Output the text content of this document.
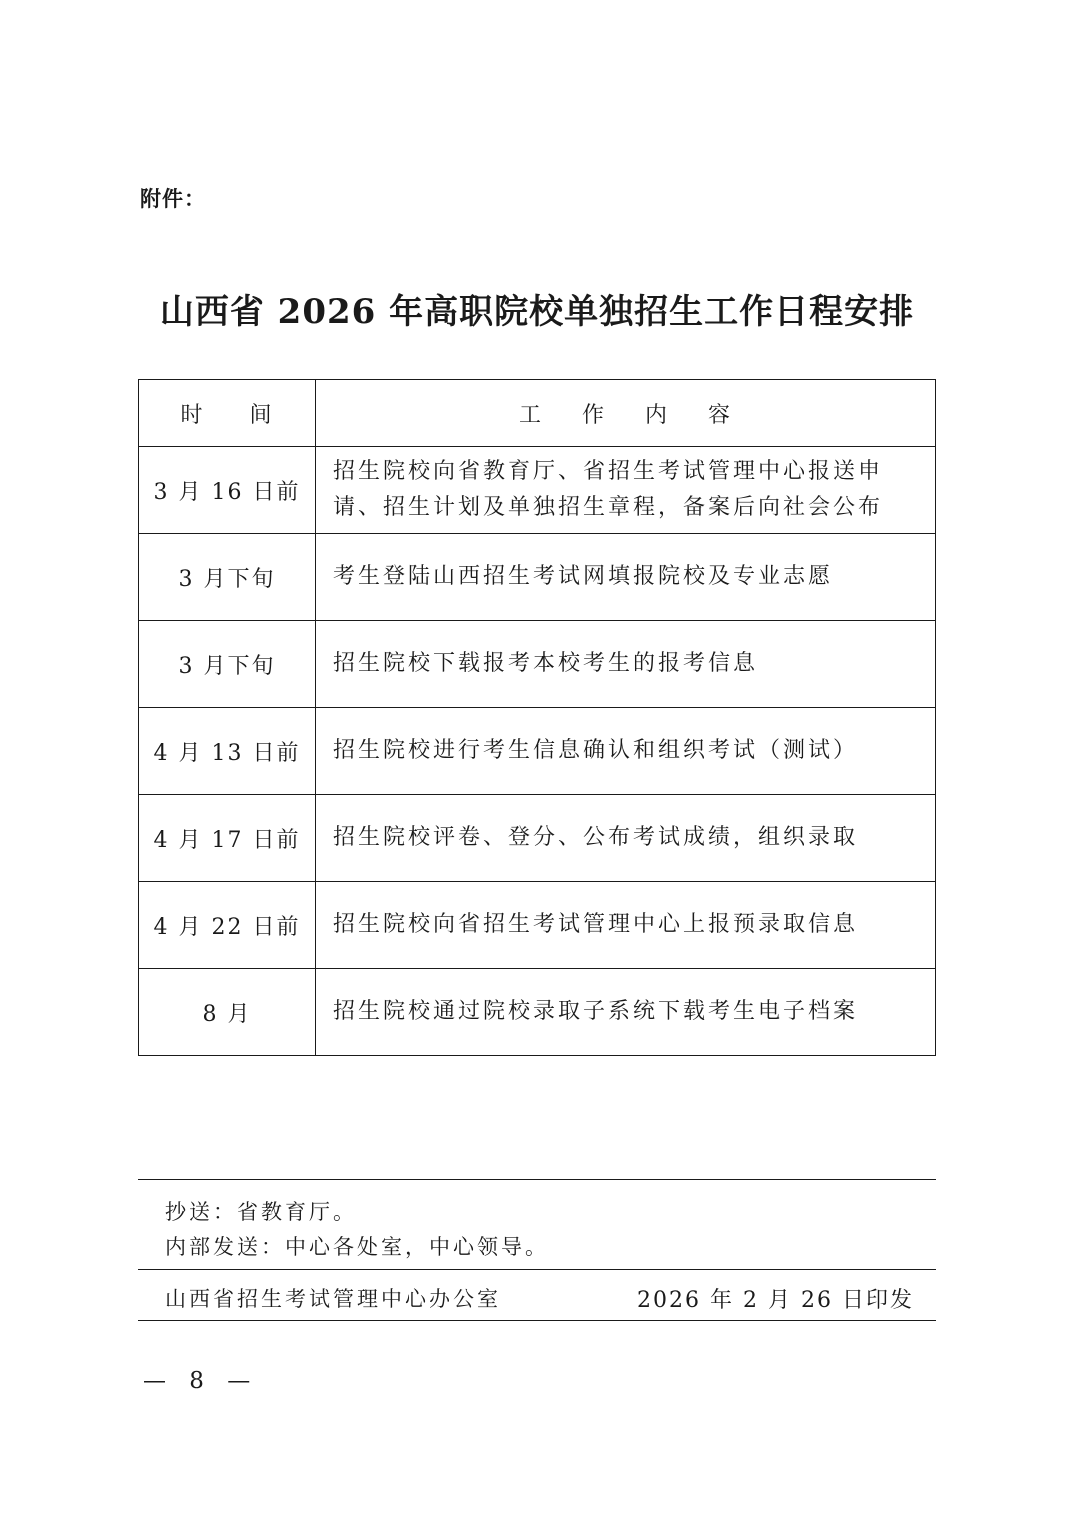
附件：
山西省 2026 年高职院校单独招生工作日程安排
时 间	工 作 内 容
3 月 16 日前	招生院校向省教育厅、省招生考试管理中心报送申请、招生计划及单独招生章程，备案后向社会公布
3 月下旬	考生登陆山西招生考试网填报院校及专业志愿
3 月下旬	招生院校下载报考本校考生的报考信息
4 月 13 日前	招生院校进行考生信息确认和组织考试（测试）
4 月 17 日前	招生院校评卷、登分、公布考试成绩，组织录取
4 月 22 日前	招生院校向省招生考试管理中心上报预录取信息
8 月	招生院校通过院校录取子系统下载考生电子档案
抄送：省教育厅。
内部发送：中心各处室，中心领导。
山西省招生考试管理中心办公室	2026 年 2 月 26 日印发
— 8 —
